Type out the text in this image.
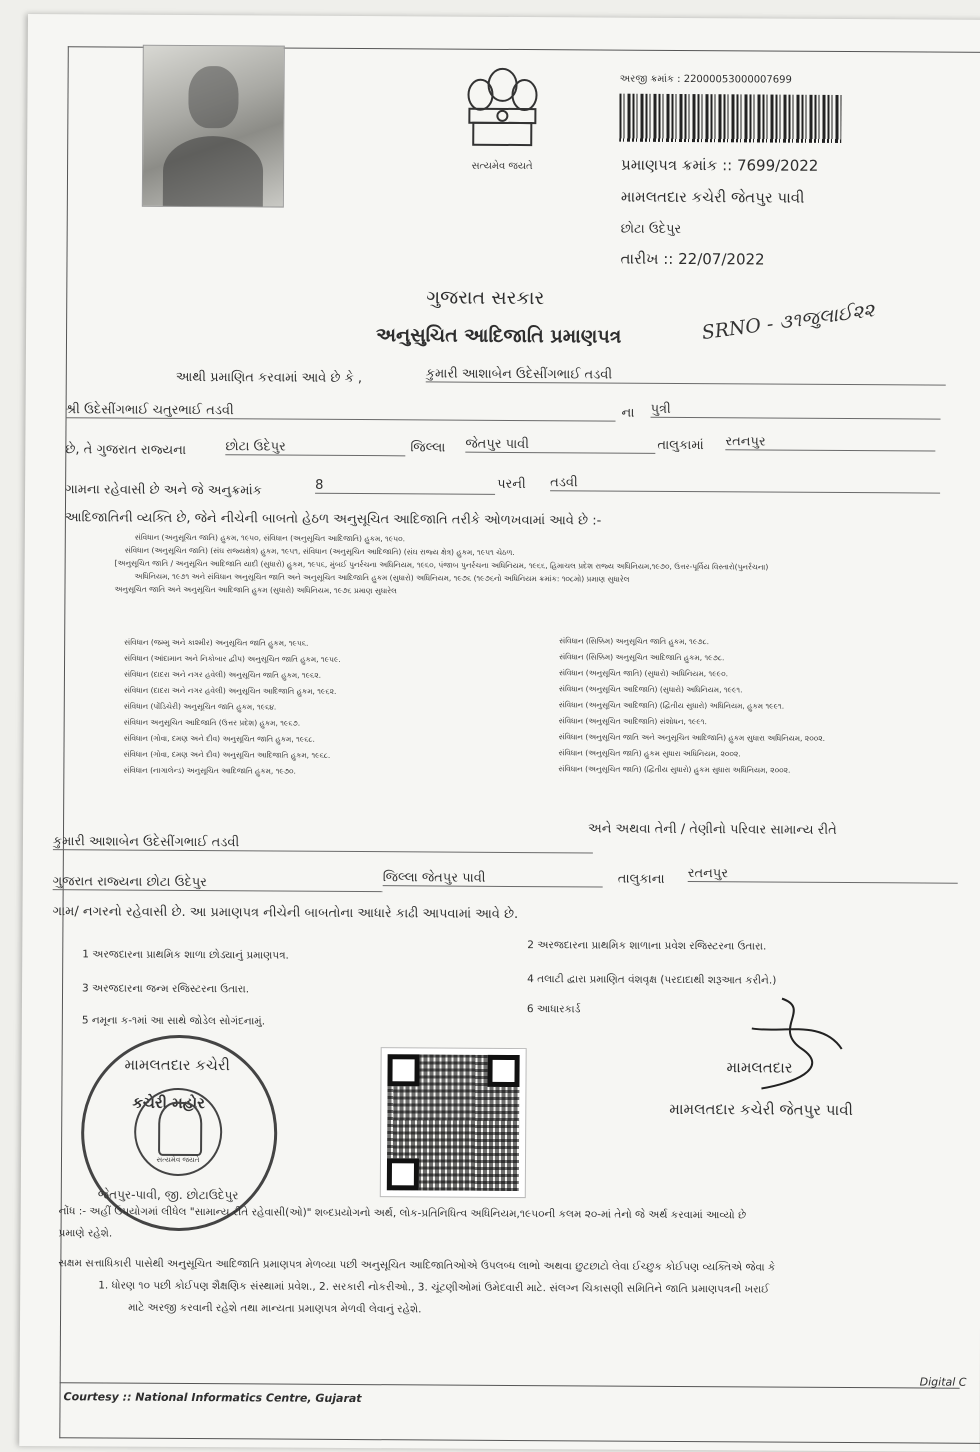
સત્યમેવ જયતે
અરજી ક્રમાંક : 22000053000007699
પ્રમાણપત્ર ક્રમાંક :: 7699/2022
મામલતદાર કચેરી જેતપુર પાવી
છોટા ઉદેપુર
તારીખ :: 22/07/2022
ગુજરાત સરકાર
અનુસુચિત આદિજાતિ પ્રમાણપત્ર	SRNO - ૩૧જુલાઈ૨૨
આથી પ્રમાણિત કરવામાં આવે છે કે ,	કુમારી આશાબેન ઉદેસીંગભાઈ તડવી
શ્રી ઉદેસીંગભાઈ ચતુરભાઈ તડવી	ના પુત્રી
છે, તે ગુજરાત રાજ્યના	છોટા ઉદેપુર	જિલ્લા જેતપુર પાવી	તાલુકામાં રતનપુર
ગામના રહેવાસી છે અને જે અનુક્રમાંક	8	પરની તડવી
આદિજાતિની વ્યક્તિ છે, જેને નીચેની બાબતો હેઠળ અનુસૂચિત આદિજાતિ તરીકે ઓળખવામાં આવે છે :-
સંવિધાન (અનુસૂચિત જાતિ) હુકમ, ૧૯૫૦, સંવિધાન (અનુસૂચિત આદિજાતિ) હુકમ, ૧૯૫૦.
સંવિધાન (અનુસૂચિત જાતિ) (સંઘ રાજ્યક્ષેત્ર) હુકમ, ૧૯૫૧, સંવિધાન (અનુસૂચિત આદિજાતિ) (સંઘ રાજ્ય ક્ષેત્ર) હુકમ, ૧૯૫૧ ચેઠળ.
[અનુસૂચિત જાતિ / અનુસૂચિત આદિજાતિ યાદી (સુધારો) હુકમ, ૧૯૫૬, મુંબઈ પુનર્રચના અધિનિયમ, ૧૯૬૦, પંજાબ પુનર્રચના અધિનિયમ, ૧૯૬૬, હિમાચલ પ્રદેશ રાજ્ય અધિનિયમ,૧૯૭૦, ઉત્તર-પૂર્વિય વિસ્તારો(પુનર્રચના)
અધિનિયમ, ૧૯૭૧ અને સંવિધાન અનુસૂચિત જાતિ અને અનુસૂચિત આદિજાતિ હુકમ (સુધારો) અધિનિયમ, ૧૯૭૬ (૧૯૭૬નો અધિનિયમ ક્રમાંક: ૧૦૮મો) પ્રમાણ સુધારેલ
અનુસૂચિત જાતિ અને અનુસૂચિત આદિજાતિ હુકમ (સુધારો) અધિનિયમ, ૧૯૭૬ પ્રમાણ સુધારેલ
સંવિધાન (જમ્મુ અને કાશ્મીર) અનુસૂચિત જાતિ હુકમ, ૧૯૫૬.
સંવિધાન (આંદામાન અને નિકોબાર દ્વીપ) અનુસૂચિત જાતિ હુકમ, ૧૯૫૯.
સંવિધાન (દાદરા અને નગર હવેલી) અનુસૂચિત જાતિ હુકમ, ૧૯૬૨.
સંવિધાન (દાદરા અને નગર હવેલી) અનુસૂચિત આદિજાતિ હુકમ, ૧૯૬૨.
સંવિધાન (પોંડિચેરી) અનુસૂચિત જાતિ હુકમ, ૧૯૬૪.
સંવિધાન અનુસૂચિત આદિજાતિ (ઉત્તર પ્રદેશ) હુકમ, ૧૯૬૭.
સંવિધાન (ગોવા, દમણ અને દીવ) અનુસૂચિત જાતિ હુકમ, ૧૯૬૮.
સંવિધાન (ગોવા, દમણ અને દીવ) અનુસૂચિત આદિજાતિ હુકમ, ૧૯૬૮.
સંવિધાન (નાગાલેન્ડ) અનુસૂચિત આદિજાતિ હુકમ, ૧૯૭૦.
સંવિધાન (સિક્કિમ) અનુસૂચિત જાતિ હુકમ, ૧૯૭૮.
સંવિધાન (સિક્કિમ) અનુસૂચિત આદિજાતિ હુકમ, ૧૯૭૮.
સંવિધાન (અનુસૂચિત જાતિ) (સુધારો) અધિનિયમ, ૧૯૯૦.
સંવિધાન (અનુસૂચિત આદિજાતિ) (સુધારો) અધિનિયમ, ૧૯૯૧.
સંવિધાન (અનુસૂચિત આદિજાતિ) (દ્વિતીય સુધારો) અધિનિયમ, હુકમ ૧૯૯૧.
સંવિધાન (અનુસૂચિત આદિજાતિ) સંશોધન, ૧૯૯૧.
સંવિધાન (અનુસૂચિત જાતિ અને અનુસૂચિત આદિજાતિ) હુકમ સુધારા અધિનિયમ, ૨૦૦૨.
સંવિધાન (અનુસૂચિત જાતિ) હુકમ સુધારા અધિનિયમ, ૨૦૦૨.
સંવિધાન (અનુસૂચિત જાતિ) (દ્વિતીય સુધારો) હુકમ સુધારા અધિનિયમ, ૨૦૦૨.
અને અથવા તેની / તેણીનો પરિવાર સામાન્ય રીતે
કુમારી આશાબેન ઉદેસીંગભાઈ તડવી
ગુજરાત રાજ્યના છોટા ઉદેપુર	જિલ્લા જેતપુર પાવી	તાલુકાના રતનપુર
ગામ/ નગરનો રહેવાસી છે. આ પ્રમાણપત્ર નીચેની બાબતોના આધારે કાઢી આપવામાં આવે છે.
1 અરજદારના પ્રાથમિક શાળા છોડ્યાનું પ્રમાણપત્ર.
2 અરજદારના પ્રાથમિક શાળાના પ્રવેશ રજિસ્ટરના ઉતારા.
3 અરજદારના જન્મ રજિસ્ટરના ઉતારા.
4 તલાટી દ્વારા પ્રમાણિત વંશવૃક્ષ (પરદાદાથી શરૂઆત કરીને.)
5 નમૂના ક-૧માં આ સાથે જોડેલ સોગંદનામું.
6 આધારકાર્ડ
મામલતદાર કચેરી
કચેરી મહોર
સત્યમેવ જયતે
જેતપુર-પાવી, જી. છોટાઉદેપુર
મામલતદાર
મામલતદાર કચેરી જેતપુર પાવી
નોંધ :- અહીં ઉપયોગમાં લીધેલ "સામાન્ય રીતે રહેવાસી(ઓ)" શબ્દપ્રયોગનો અર્થ, લોક-પ્રતિનિધિત્વ અધિનિયમ,૧૯૫૦ની કલમ ૨૦-માં તેનો જે અર્થ કરવામાં આવ્યો છે
પ્રમાણે રહેશે.
સક્ષમ સત્તાધિકારી પાસેથી અનુસૂચિત આદિજાતિ પ્રમાણપત્ર મેળવ્યા પછી અનુસૂચિત આદિજાતિઓએ ઉપલબ્ધ લાભો અથવા છુટછાટો લેવા ઈચ્છુક કોઈપણ વ્યક્તિએ જેવા કે
1. ધોરણ ૧૦ પછી કોઈપણ શૈક્ષણિક સંસ્થામાં પ્રવેશ., 2. સરકારી નોકરીઓ., 3. ચૂંટણીઓમાં ઉમેદવારી માટે. સંલગ્ન ચિકાસણી સમિતિને જાતિ પ્રમાણપત્રની ખરાઈ
માટે અરજી કરવાની રહેશે તથા માન્યતા પ્રમાણપત્ર મેળવી લેવાનું રહેશે.
Courtesy :: National Informatics Centre, Gujarat
Digital C
